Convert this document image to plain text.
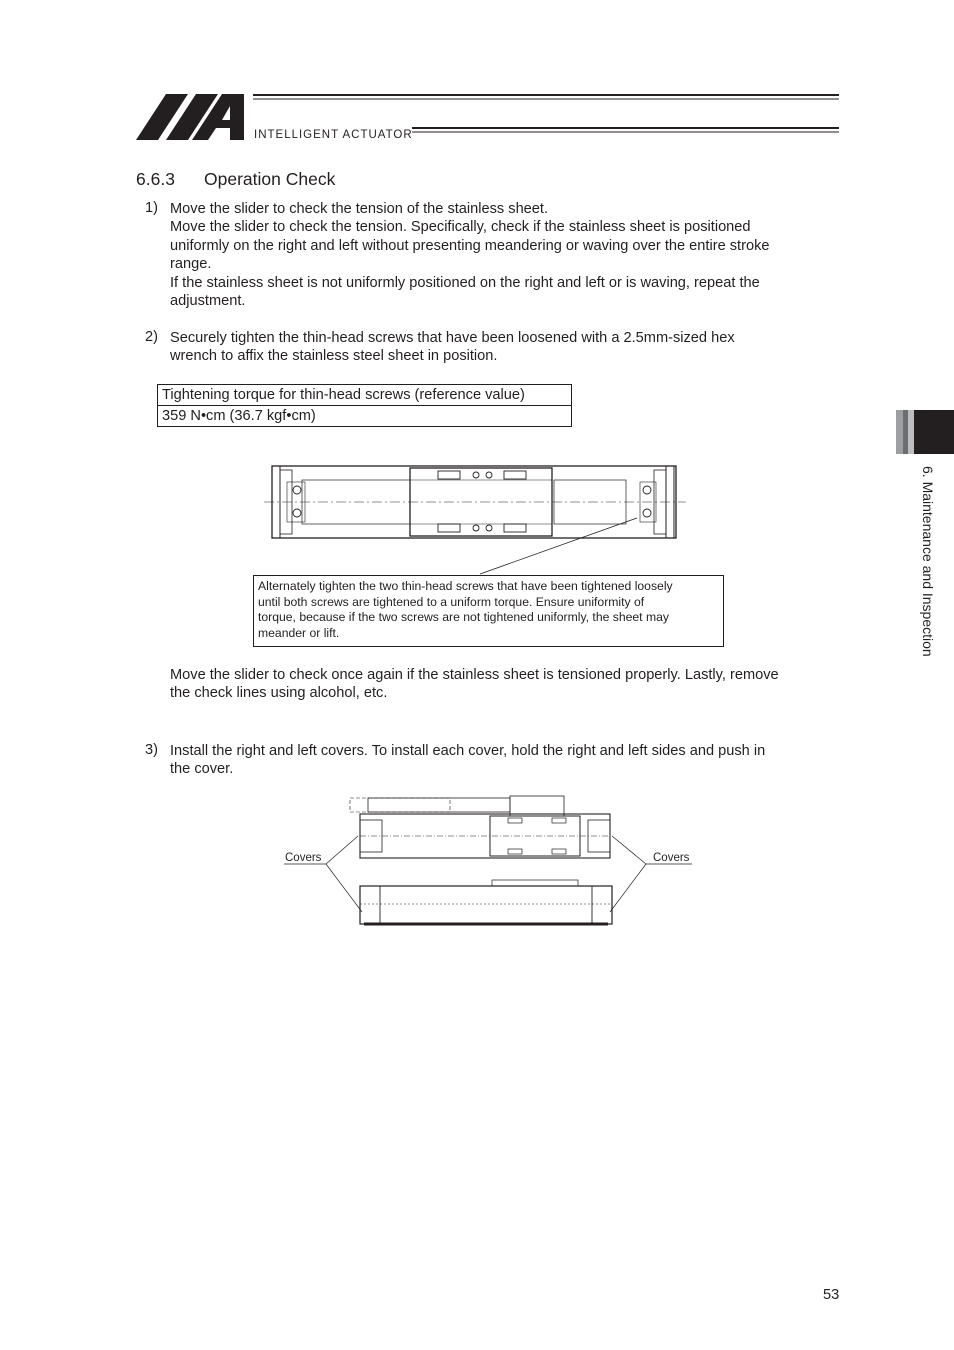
INTELLIGENT ACTUATOR
6.6.3 Operation Check
1) Move the slider to check the tension of the stainless sheet.
Move the slider to check the tension. Specifically, check if the stainless sheet is positioned
uniformly on the right and left without presenting meandering or waving over the entire stroke
range.
If the stainless sheet is not uniformly positioned on the right and left or is waving, repeat the
adjustment.
2) Securely tighten the thin-head screws that have been loosened with a 2.5mm-sized hex
wrench to affix the stainless steel sheet in position.
Tightening torque for thin-head screws (reference value)
359 N•cm (36.7 kgf•cm)
Alternately tighten the two thin-head screws that have been tightened loosely
until both screws are tightened to a uniform torque. Ensure uniformity of
torque, because if the two screws are not tightened uniformly, the sheet may
meander or lift.
Move the slider to check once again if the stainless sheet is tensioned properly. Lastly, remove
the check lines using alcohol, etc.
3) Install the right and left covers. To install each cover, hold the right and left sides and push in
the cover.
Covers	Covers
6. Maintenance and Inspection
53
